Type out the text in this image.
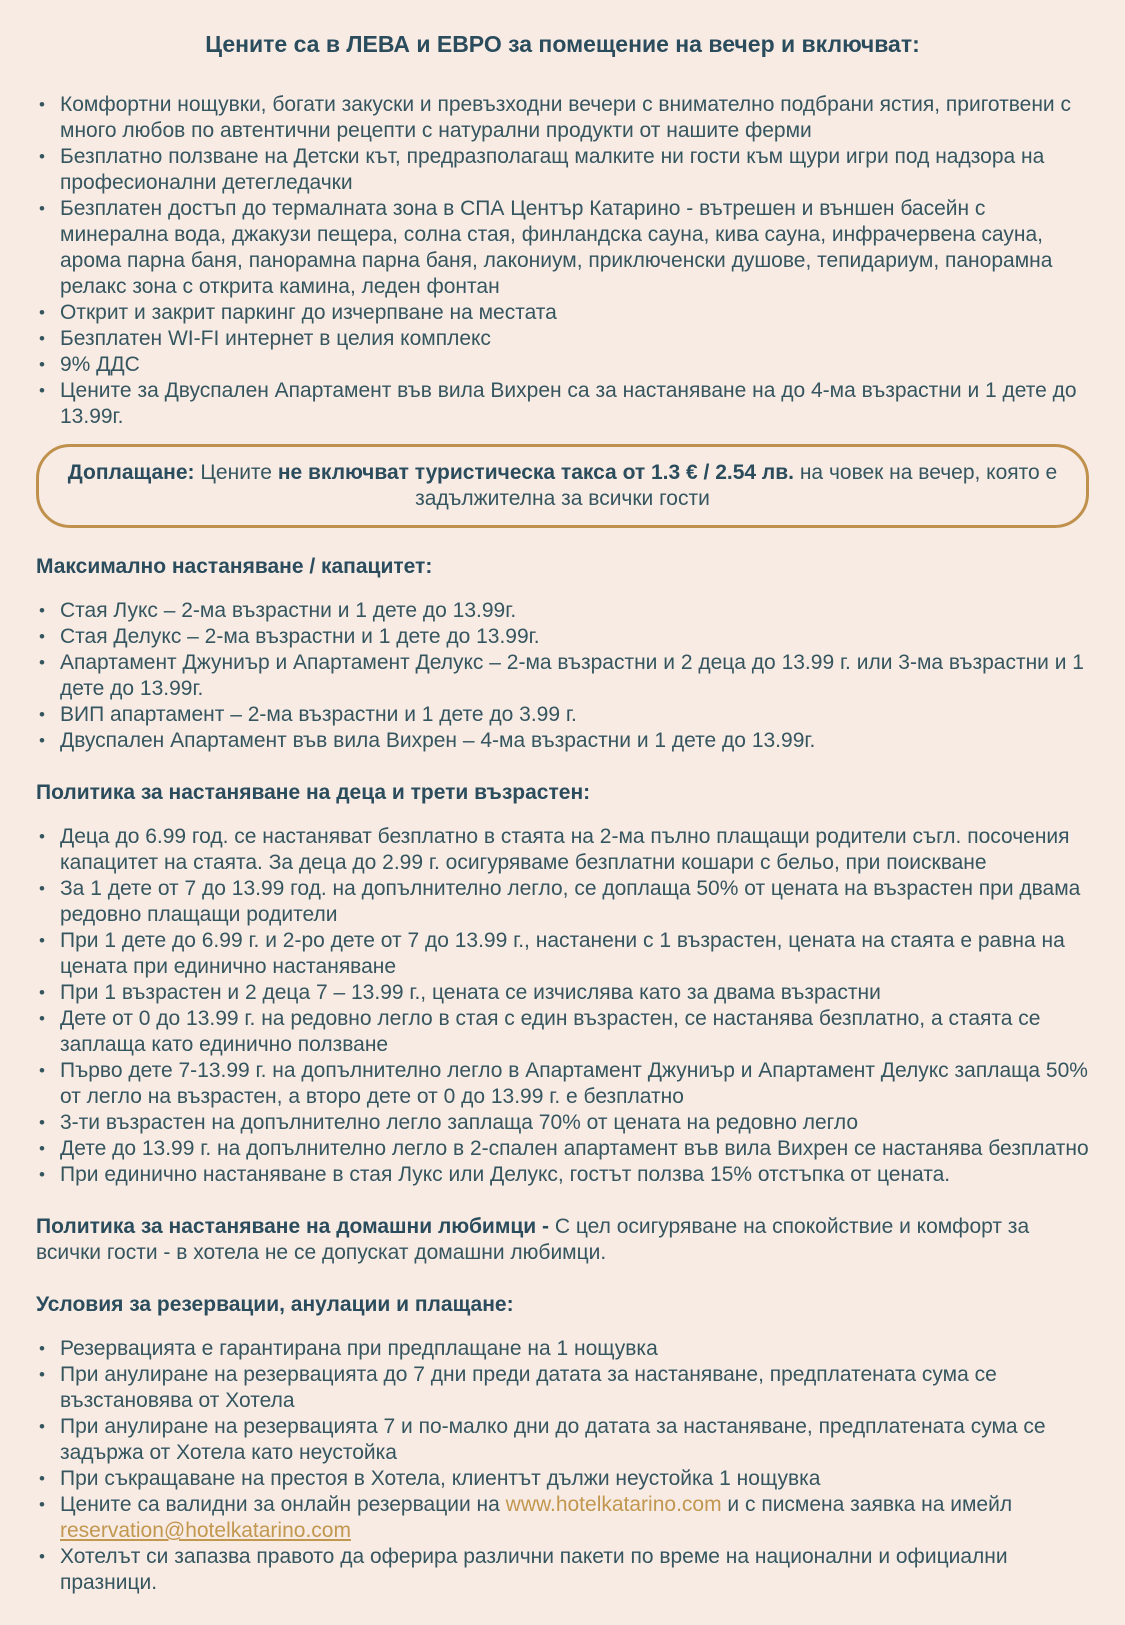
Цените са в ЛЕВА и ЕВРО за помещение на вечер и включват:
• Комфортни нощувки, богати закуски и превъзходни вечери с внимателно подбрани ястия, приготвени с много любов по автентични рецепти с натурални продукти от нашите ферми
• Безплатно ползване на Детски кът, предразполагащ малките ни гости към щури игри под надзора на професионални детегледачки
• Безплатен достъп до термалната зона в СПА Център Катарино - вътрешен и външен басейн с минерална вода, джакузи пещера, солна стая, финландска сауна, кива сауна, инфрачервена сауна, арома парна баня, панорамна парна баня, лакониум, приключенски душове, тепидариум, панорамна релакс зона с открита камина, леден фонтан
• Открит и закрит паркинг до изчерпване на местата
• Безплатен WI-FI интернет в целия комплекс
• 9% ДДС
• Цените за Двуспален Апартамент във вила Вихрен са за настаняване на до 4-ма възрастни и 1 дете до 13.99г.

Доплащане: Цените не включват туристическа такса от 1.3 € / 2.54 лв. на човек на вечер, която е задължителна за всички гости

Максимално настаняване / капацитет:
• Стая Лукс – 2-ма възрастни и 1 дете до 13.99г.
• Стая Делукс – 2-ма възрастни и 1 дете до 13.99г.
• Апартамент Джуниър и Апартамент Делукс – 2-ма възрастни и 2 деца до 13.99 г. или 3-ма възрастни и 1 дете до 13.99г.
• ВИП апартамент – 2-ма възрастни и 1 дете до 3.99 г.
• Двуспален Апартамент във вила Вихрен – 4-ма възрастни и 1 дете до 13.99г.
Политика за настаняване на деца и трети възрастен:
• Деца до 6.99 год. се настаняват безплатно в стаята на 2-ма пълно плащащи родители съгл. посочения капацитет на стаята. За деца до 2.99 г. осигуряваме безплатни кошари с бельо, при поискване
• За 1 дете от 7 до 13.99 год. на допълнително легло, се доплаща 50% от цената на възрастен при двама редовно плащащи родители
• При 1 дете до 6.99 г. и 2-ро дете от 7 до 13.99 г., настанени с 1 възрастен, цената на стаята е равна на цената при единично настаняване
• При 1 възрастен и 2 деца 7 – 13.99 г., цената се изчислява като за двама възрастни
• Дете от 0 до 13.99 г. на редовно легло в стая с един възрастен, се настанява безплатно, а стаята се заплаща като единично ползване
• Първо дете 7-13.99 г. на допълнително легло в Апартамент Джуниър и Апартамент Делукс заплаща 50% от легло на възрастен, а второ дете от 0 до 13.99 г. е безплатно
• 3-ти възрастен на допълнително легло заплаща 70% от цената на редовно легло
• Дете до 13.99 г. на допълнително легло в 2-спален апартамент във вила Вихрен се настанява безплатно
• При единично настаняване в стая Лукс или Делукс, гостът ползва 15% отстъпка от цената.

Политика за настаняване на домашни любимци - С цел осигуряване на спокойствие и комфорт за всички гости - в хотела не се допускат домашни любимци.

Условия за резервации, анулации и плащане:
• Резервацията е гарантирана при предплащане на 1 нощувка
• При анулиране на резервацията до 7 дни преди датата за настаняване, предплатената сума се възстановява от Хотела
• При анулиране на резервацията 7 и по-малко дни до датата за настаняване, предплатената сума се задържа от Хотела като неустойка
• При съкращаване на престоя в Хотела, клиентът дължи неустойка 1 нощувка
• Цените са валидни за онлайн резервации на www.hotelkatarino.com и с писмена заявка на имейл reservation@hotelkatarino.com
• Хотелът си запазва правото да оферира различни пакети по време на национални и официални празници.
